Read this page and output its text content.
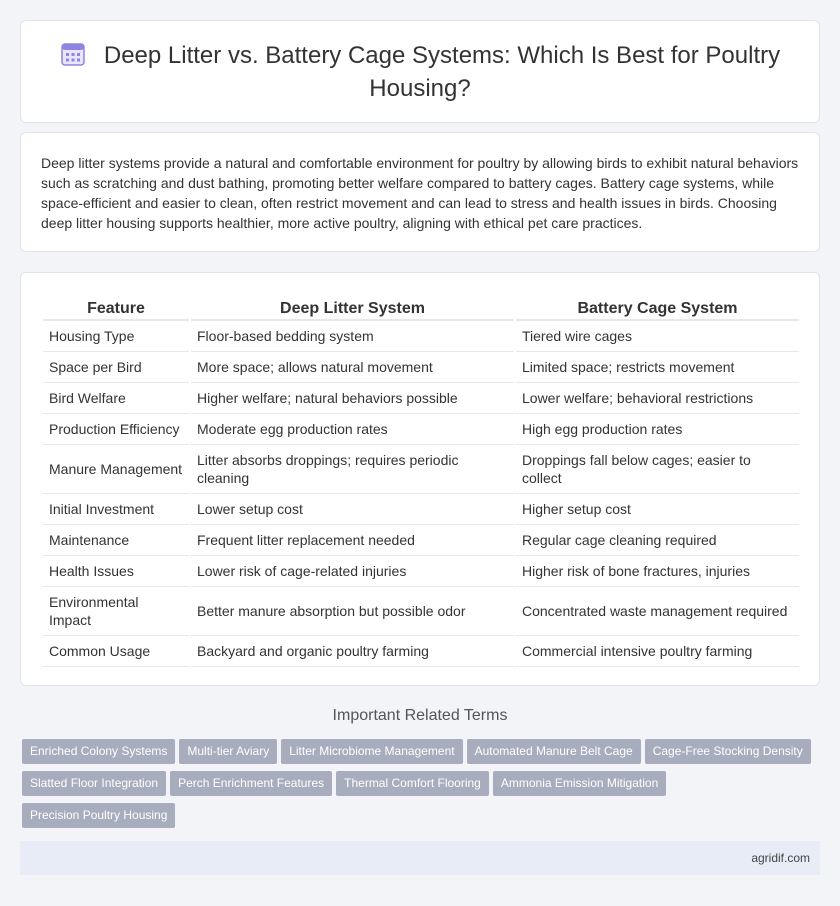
Deep Litter vs. Battery Cage Systems: Which Is Best for Poultry Housing?

Deep litter systems provide a natural and comfortable environment for poultry by allowing birds to exhibit natural behaviors such as scratching and dust bathing, promoting better welfare compared to battery cages. Battery cage systems, while space-efficient and easier to clean, often restrict movement and can lead to stress and health issues in birds. Choosing deep litter housing supports healthier, more active poultry, aligning with ethical pet care practices.

Feature	Deep Litter System	Battery Cage System
Housing Type	Floor-based bedding system	Tiered wire cages
Space per Bird	More space; allows natural movement	Limited space; restricts movement
Bird Welfare	Higher welfare; natural behaviors possible	Lower welfare; behavioral restrictions
Production Efficiency	Moderate egg production rates	High egg production rates
Manure Management	Litter absorbs droppings; requires periodic cleaning	Droppings fall below cages; easier to collect
Initial Investment	Lower setup cost	Higher setup cost
Maintenance	Frequent litter replacement needed	Regular cage cleaning required
Health Issues	Lower risk of cage-related injuries	Higher risk of bone fractures, injuries
Environmental Impact	Better manure absorption but possible odor	Concentrated waste management required
Common Usage	Backyard and organic poultry farming	Commercial intensive poultry farming
Important Related Terms
Enriched Colony Systems Multi-tier Aviary Litter Microbiome Management Automated Manure Belt Cage Cage-Free Stocking Density
Slatted Floor Integration Perch Enrichment Features Thermal Comfort Flooring Ammonia Emission Mitigation
Precision Poultry Housing
agridif.com
